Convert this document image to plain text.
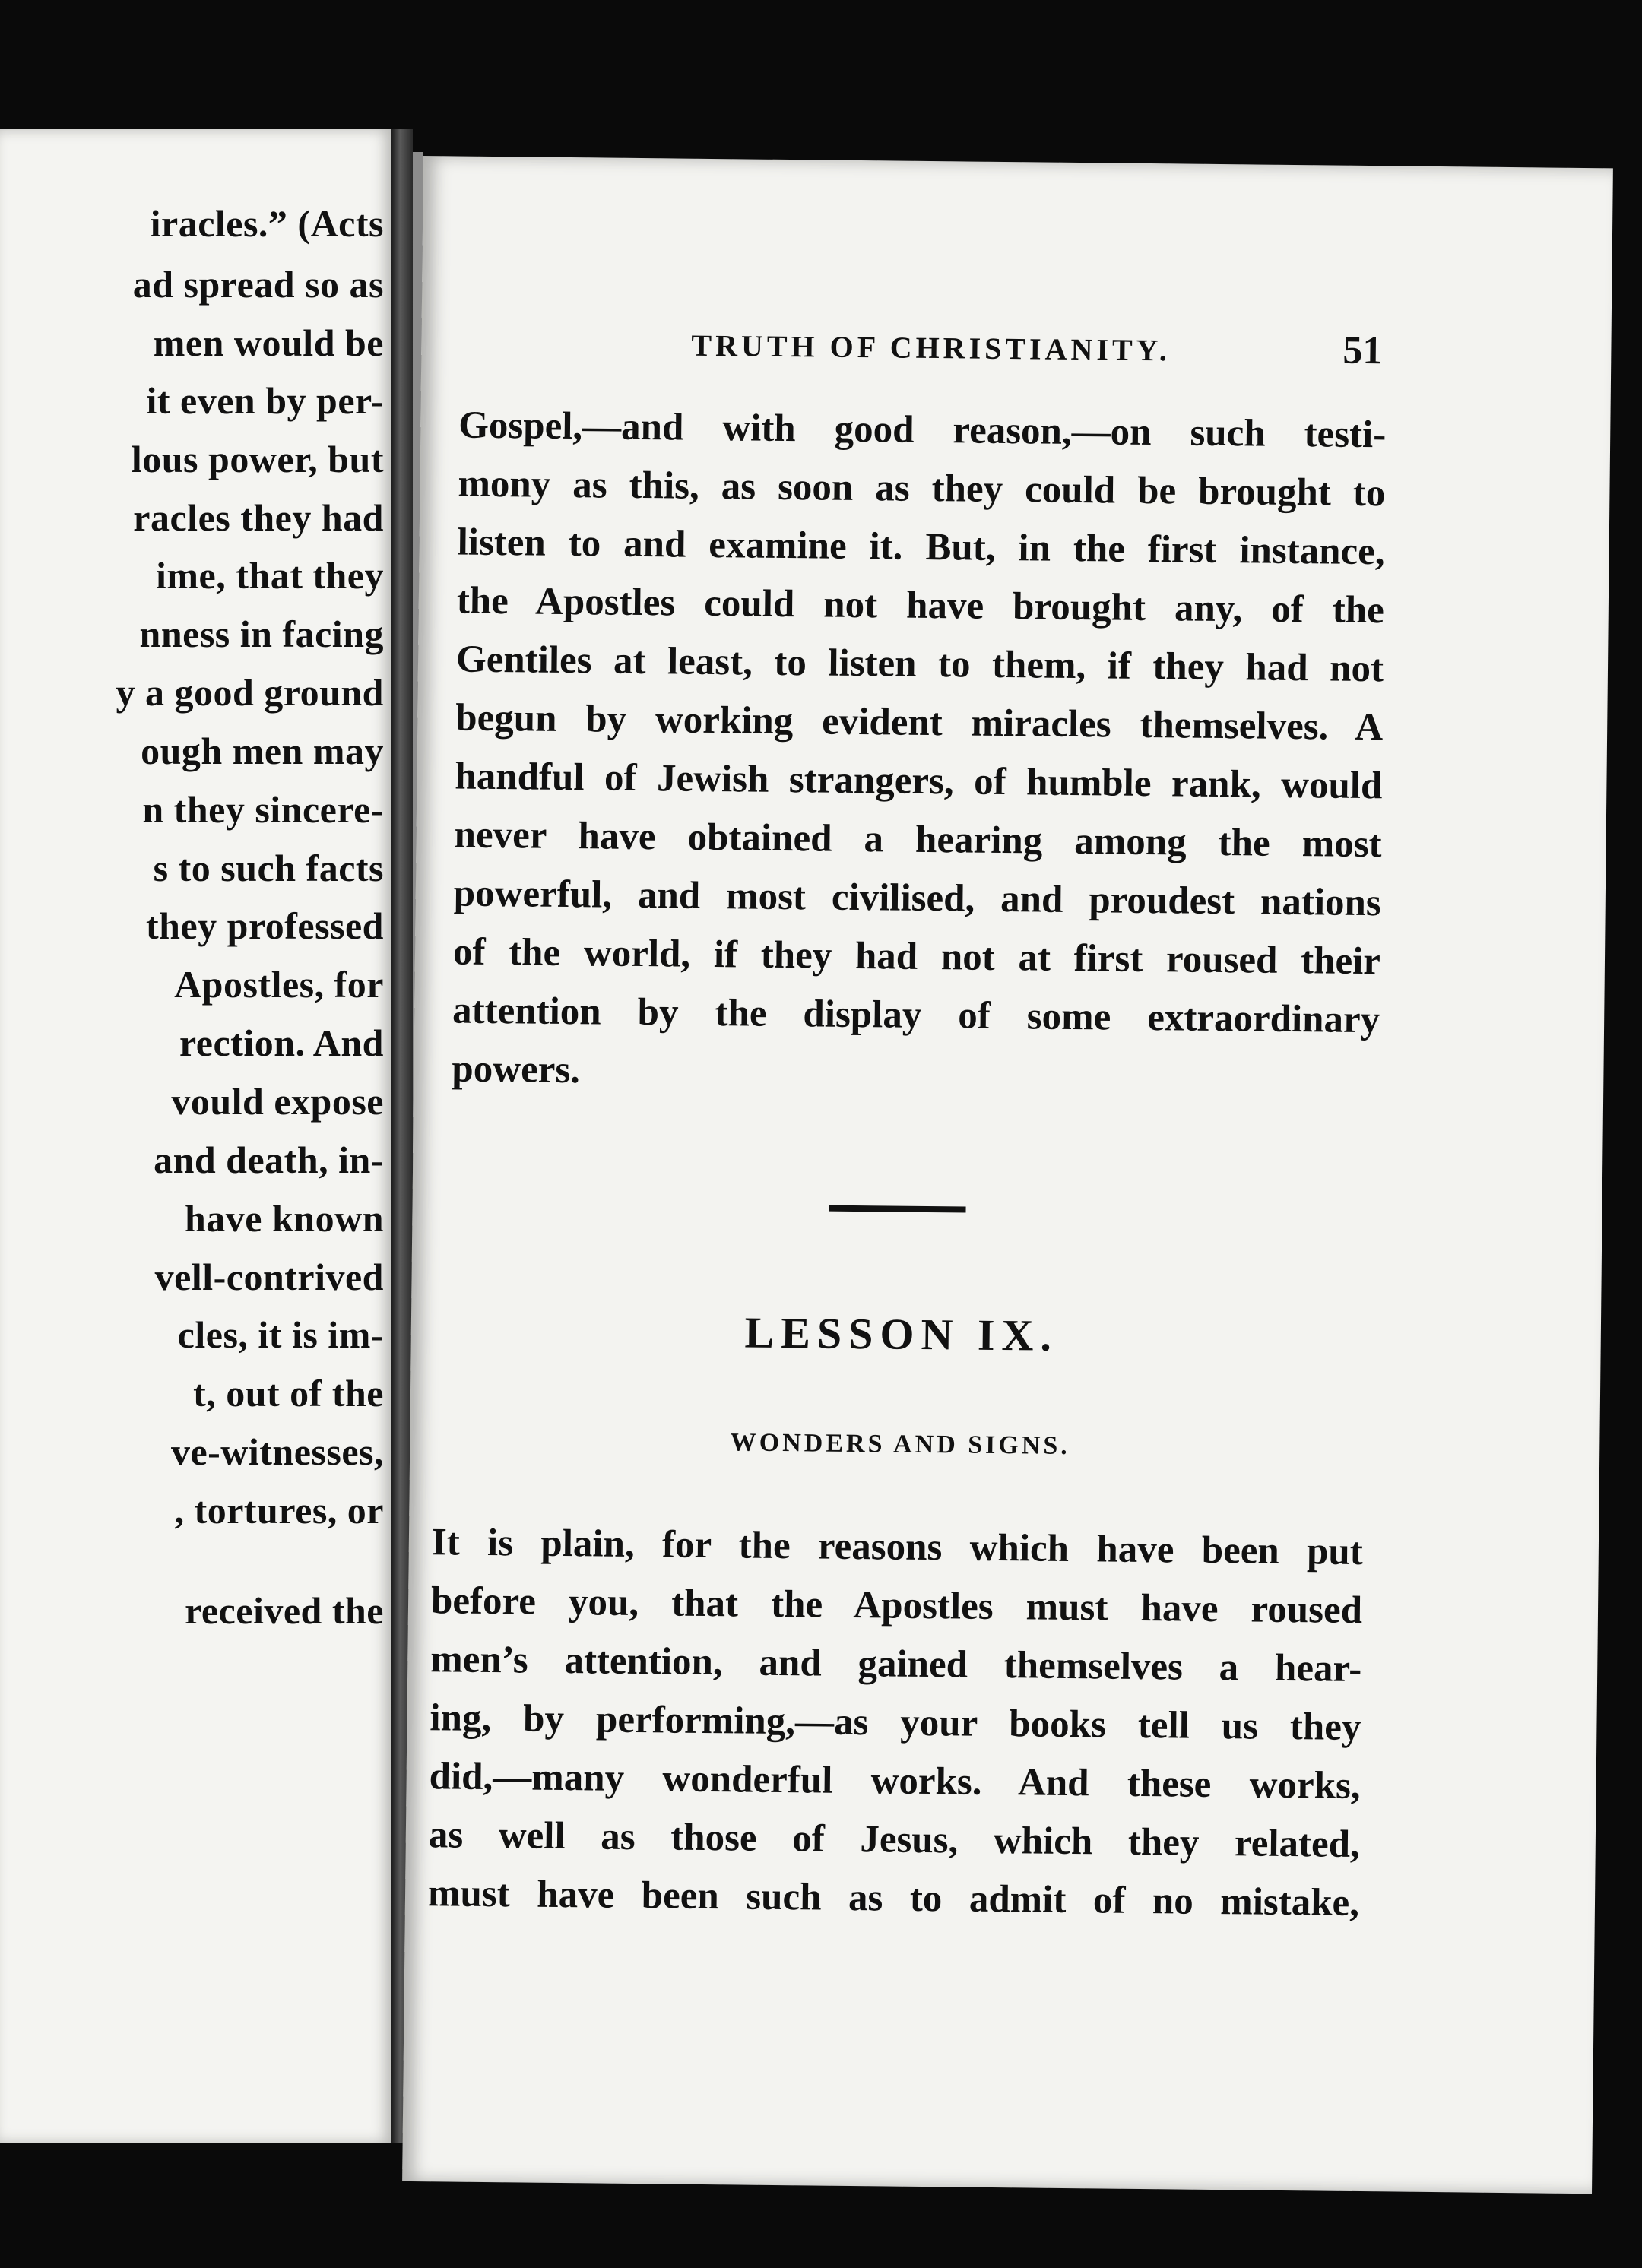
iracles.” (Acts
ad spread so as
men would be
it even by per-
lous power, but
racles they had
ime, that they
nness in facing
y a good ground
ough men may
n they sincere-
s to such facts
they professed
Apostles, for
rection. And
vould expose
and death, in-
have known
vell-contrived
cles, it is im-
t, out of the
ve-witnesses,
, tortures, or
received the
TRUTH OF CHRISTIANITY.	51
Gospel,—and with good reason,—on such testi-
mony as this, as soon as they could be brought to
listen to and examine it. But, in the first instance,
the Apostles could not have brought any, of the
Gentiles at least, to listen to them, if they had not
begun by working evident miracles themselves. A
handful of Jewish strangers, of humble rank, would
never have obtained a hearing among the most
powerful, and most civilised, and proudest nations
of the world, if they had not at first roused their
attention by the display of some extraordinary
powers.
LESSON IX.
WONDERS AND SIGNS.
It is plain, for the reasons which have been put
before you, that the Apostles must have roused
men’s attention, and gained themselves a hear-
ing, by performing,—as your books tell us they
did,—many wonderful works. And these works,
as well as those of Jesus, which they related,
must have been such as to admit of no mistake,
